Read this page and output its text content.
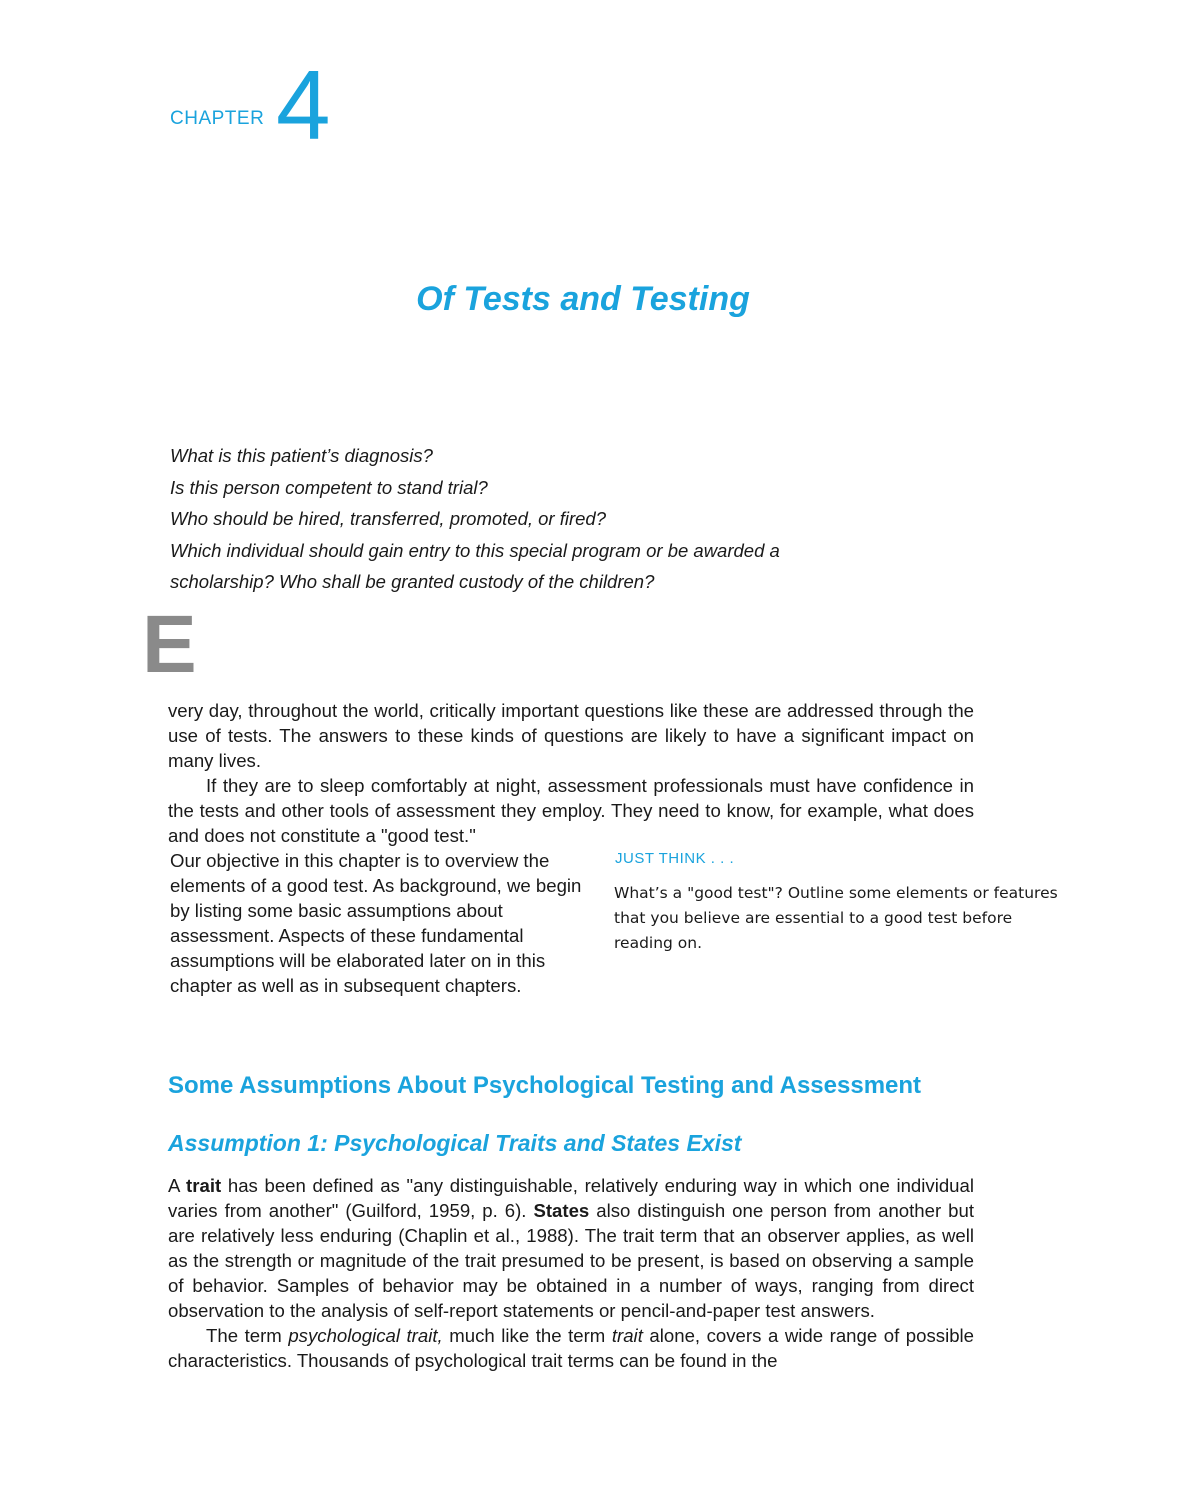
CHAPTER 4
Of Tests and Testing
What is this patient’s diagnosis?
Is this person competent to stand trial?
Who should be hired, transferred, promoted, or fired?
Which individual should gain entry to this special program or be awarded a
scholarship? Who shall be granted custody of the children?
E

very day, throughout the world, critically important questions like these are addressed through the use of tests. The answers to these kinds of questions are likely to have a significant impact on many lives.

If they are to sleep comfortably at night, assessment professionals must have confidence in the tests and other tools of assessment they employ. They need to know, for example, what does and does not constitute a "good test."

Our objective in this chapter is to overview the elements of a good test. As background, we begin by listing some basic assumptions about assessment. Aspects of these fundamental assumptions will be elaborated later on in this chapter as well as in subsequent chapters.

JUST THINK . . .
What’s a "good test"? Outline some elements or features that you believe are essential to a good test before reading on.
Some Assumptions About Psychological Testing and Assessment
Assumption 1: Psychological Traits and States Exist

A trait has been defined as "any distinguishable, relatively enduring way in which one individual varies from another" (Guilford, 1959, p. 6). States also distinguish one person from another but are relatively less enduring (Chaplin et al., 1988). The trait term that an observer applies, as well as the strength or magnitude of the trait presumed to be present, is based on observing a sample of behavior. Samples of behavior may be obtained in a number of ways, ranging from direct observation to the analysis of self-report statements or pencil-and-paper test answers.

The term psychological trait, much like the term trait alone, covers a wide range of possible characteristics. Thousands of psychological trait terms can be found in the
